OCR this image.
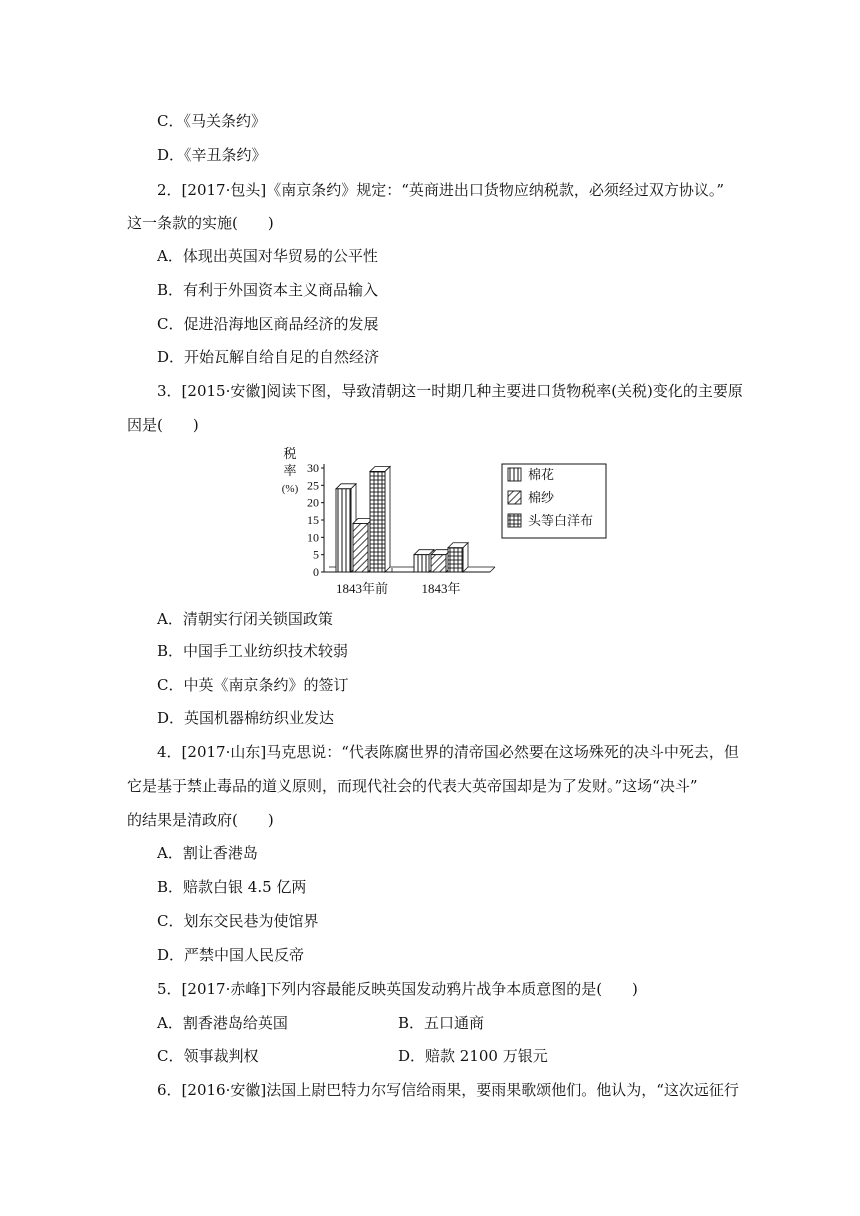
C．《马关条约》
D．《辛丑条约》
2．[2017·包头]《南京条约》规定：“英商进出口货物应纳税款，必须经过双方协议。”
这一条款的实施(　　)
A．体现出英国对华贸易的公平性
B．有利于外国资本主义商品输入
C．促进沿海地区商品经济的发展
D．开始瓦解自给自足的自然经济
3．[2015·安徽]阅读下图，导致清朝这一时期几种主要进口货物税率(关税)变化的主要原
因是(　　)
税
率
(%)
0
5
10
15
20
25
30
1843年前	1843年
棉花
棉纱
头等白洋布
A．清朝实行闭关锁国政策
B．中国手工业纺织技术较弱
C．中英《南京条约》的签订
D．英国机器棉纺织业发达
4．[2017·山东]马克思说：“代表陈腐世界的清帝国必然要在这场殊死的决斗中死去，但
它是基于禁止毒品的道义原则，而现代社会的代表大英帝国却是为了发财。”这场“决斗”
的结果是清政府(　　)
A．割让香港岛
B．赔款白银 4.5 亿两
C．划东交民巷为使馆界
D．严禁中国人民反帝
5．[2017·赤峰]下列内容最能反映英国发动鸦片战争本质意图的是(　　)
A．割香港岛给英国	B．五口通商
C．领事裁判权	D．赔款 2100 万银元
6．[2016·安徽]法国上尉巴特力尔写信给雨果，要雨果歌颂他们。他认为，“这次远征行
